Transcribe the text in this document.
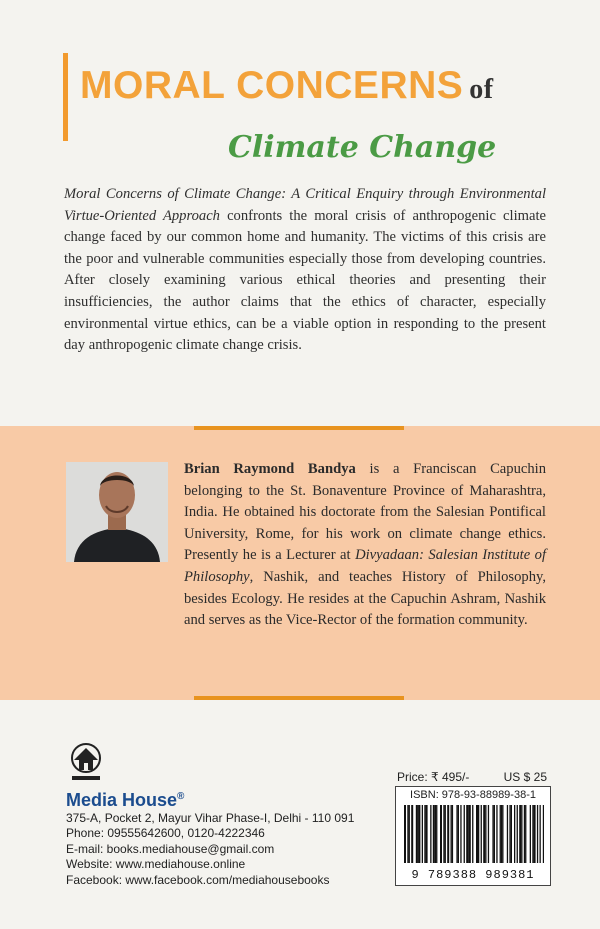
MORAL CONCERNS of
Climate Change
Moral Concerns of Climate Change: A Critical Enquiry through Environmental Virtue-Oriented Approach confronts the moral crisis of anthropogenic climate change faced by our common home and humanity. The victims of this crisis are the poor and vulnerable communities especially those from developing countries. After closely examining various ethical theories and presenting their insufficiencies, the author claims that the ethics of character, especially environmental virtue ethics, can be a viable option in responding to the present day anthropogenic climate change crisis.
Brian Raymond Bandya is a Franciscan Capuchin belonging to the St. Bonaventure Province of Maharashtra, India. He obtained his doctorate from the Salesian Pontifical University, Rome, for his work on climate change ethics. Presently he is a Lecturer at Divyadaan: Salesian Institute of Philosophy, Nashik, and teaches History of Philosophy, besides Ecology. He resides at the Capuchin Ashram, Nashik and serves as the Vice-Rector of the formation community.
Media House®
375-A, Pocket 2, Mayur Vihar Phase-I, Delhi - 110 091
Phone: 09555642600, 0120-4222346
E-mail: books.mediahouse@gmail.com
Website: www.mediahouse.online
Facebook: www.facebook.com/mediahousebooks
Price: ₹ 495/-	US $ 25
ISBN: 978-93-88989-38-1
9 789388 989381
